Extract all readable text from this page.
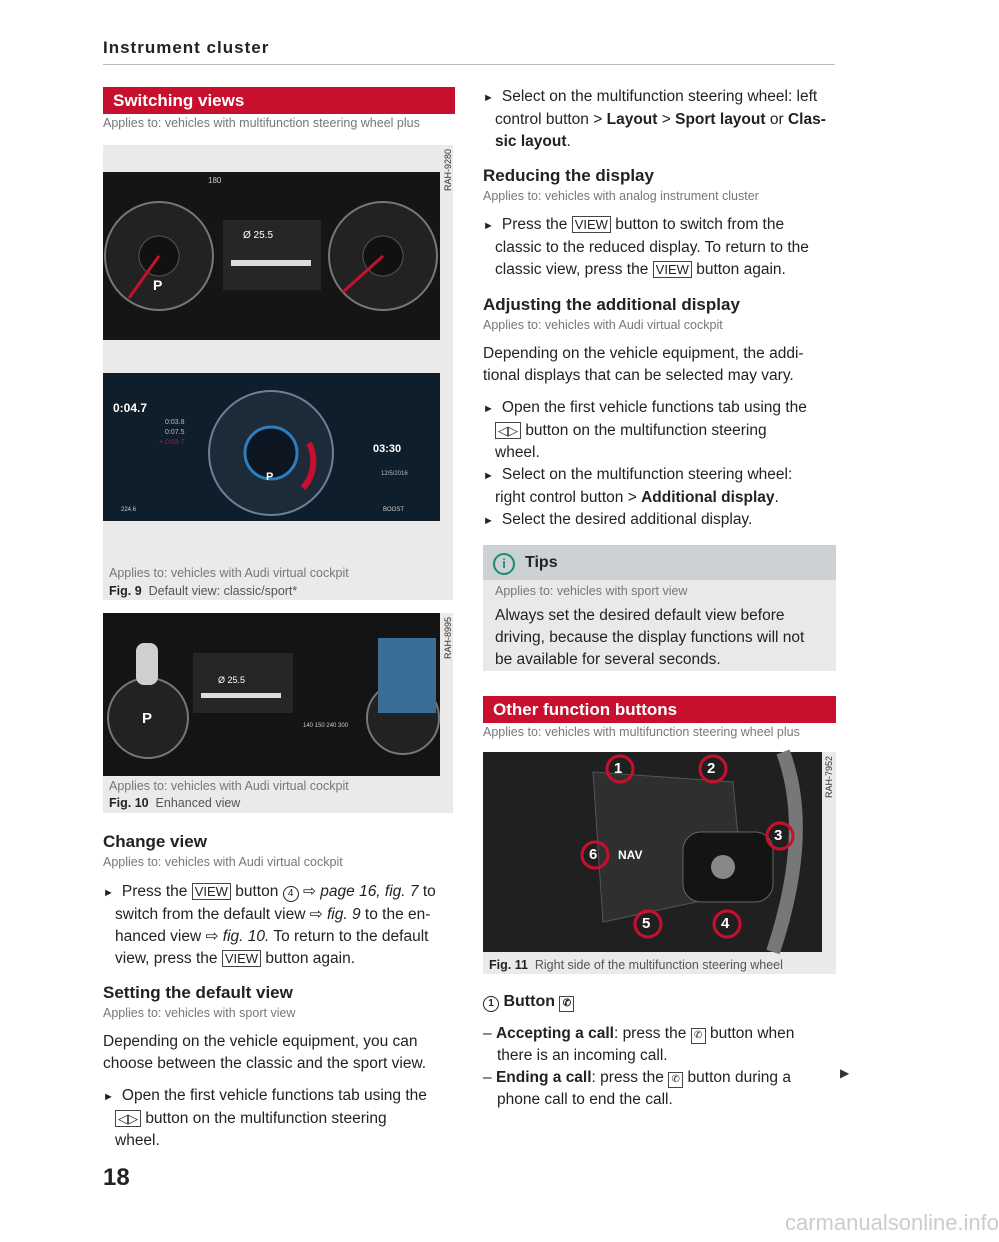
Instrument cluster
Switching views
Applies to: vehicles with multifunction steering wheel plus
Ø 25.5
180
P
0:04.7
0:03.8
0:07.5
+ 0:03.7
03:30
12/5/2016
P
224.6	BOOST
RAH-9280
Applies to: vehicles with Audi virtual cockpit
Fig. 9 Default view: classic/sport*
Ø 25.5
P	140 150 240 300
RAH-8995
Applies to: vehicles with Audi virtual cockpit
Fig. 10 Enhanced view
Change view
Applies to: vehicles with Audi virtual cockpit
► Press the VIEW button 4 ⇨ page 16, fig. 7 to
switch from the default view ⇨ fig. 9 to the en-
hanced view ⇨ fig. 10. To return to the default
view, press the VIEW button again.
Setting the default view
Applies to: vehicles with sport view
Depending on the vehicle equipment, you can
choose between the classic and the sport view.
► Open the first vehicle functions tab using the
◁▷ button on the multifunction steering
wheel.
► Select on the multifunction steering wheel: left
control button > Layout > Sport layout or Clas-
sic layout.
Reducing the display
Applies to: vehicles with analog instrument cluster
► Press the VIEW button to switch from the
classic to the reduced display. To return to the
classic view, press the VIEW button again.
Adjusting the additional display
Applies to: vehicles with Audi virtual cockpit
Depending on the vehicle equipment, the addi-
tional displays that can be selected may vary.
► Open the first vehicle functions tab using the
◁▷ button on the multifunction steering
wheel.
► Select on the multifunction steering wheel:
right control button > Additional display.
► Select the desired additional display.
i	Tips
Applies to: vehicles with sport view
Always set the desired default view before
driving, because the display functions will not
be available for several seconds.
Other function buttons
Applies to: vehicles with multifunction steering wheel plus
1	2
3
4
5
6 NAV
RAH-7952
Fig. 11 Right side of the multifunction steering wheel
1 Button ✆
– Accepting a call: press the ✆ button when
there is an incoming call.
– Ending a call: press the ✆ button during a
phone call to end the call.
▶
18
carmanualsonline.info
